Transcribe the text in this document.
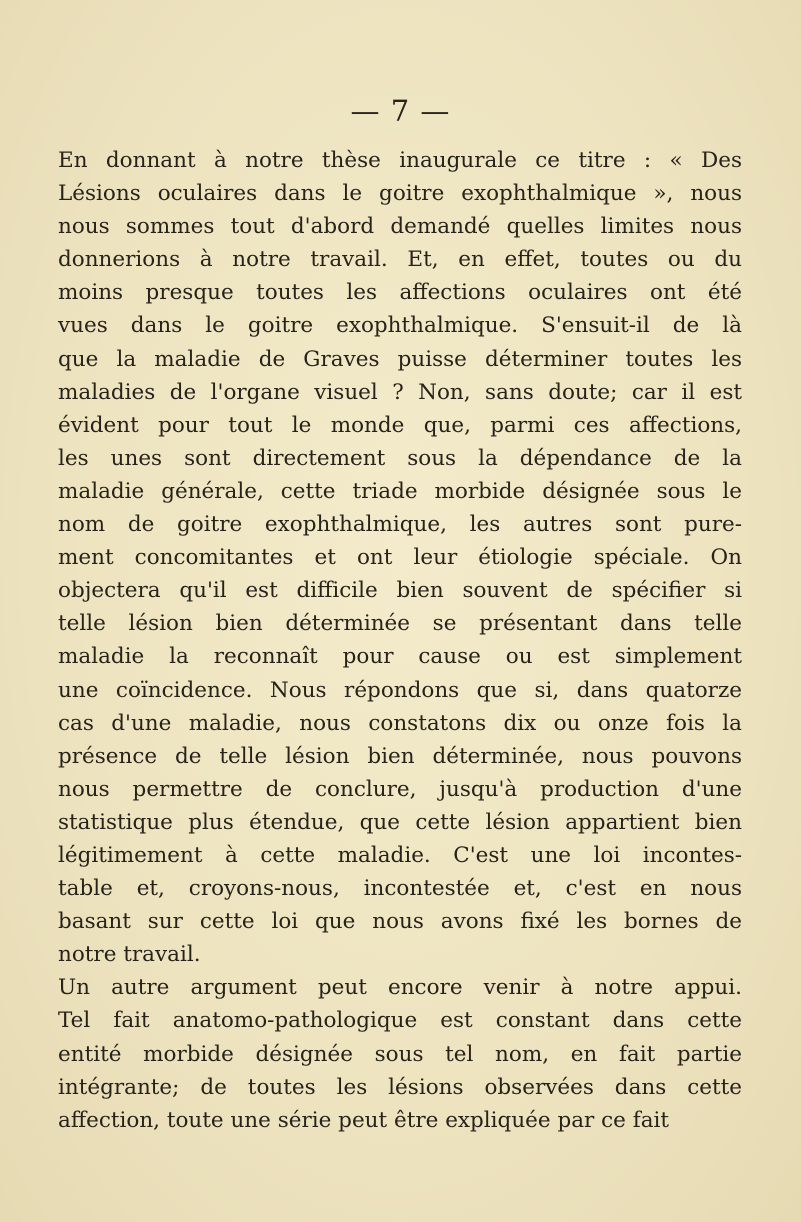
— 7 —
En donnant à notre thèse inaugurale ce titre : « Des
Lésions oculaires dans le goitre exophthalmique », nous
nous sommes tout d'abord demandé quelles limites nous
donnerions à notre travail. Et, en effet, toutes ou du
moins presque toutes les affections oculaires ont été
vues dans le goitre exophthalmique. S'ensuit-il de là
que la maladie de Graves puisse déterminer toutes les
maladies de l'organe visuel ? Non, sans doute; car il est
évident pour tout le monde que, parmi ces affections,
les unes sont directement sous la dépendance de la
maladie générale, cette triade morbide désignée sous le
nom de goitre exophthalmique, les autres sont pure-
ment concomitantes et ont leur étiologie spéciale. On
objectera qu'il est difficile bien souvent de spécifier si
telle lésion bien déterminée se présentant dans telle
maladie la reconnaît pour cause ou est simplement
une coïncidence. Nous répondons que si, dans quatorze
cas d'une maladie, nous constatons dix ou onze fois la
présence de telle lésion bien déterminée, nous pouvons
nous permettre de conclure, jusqu'à production d'une
statistique plus étendue, que cette lésion appartient bien
légitimement à cette maladie. C'est une loi incontes-
table et, croyons-nous, incontestée et, c'est en nous
basant sur cette loi que nous avons fixé les bornes de
notre travail.
Un autre argument peut encore venir à notre appui.
Tel fait anatomo-pathologique est constant dans cette
entité morbide désignée sous tel nom, en fait partie
intégrante; de toutes les lésions observées dans cette
affection, toute une série peut être expliquée par ce fait
